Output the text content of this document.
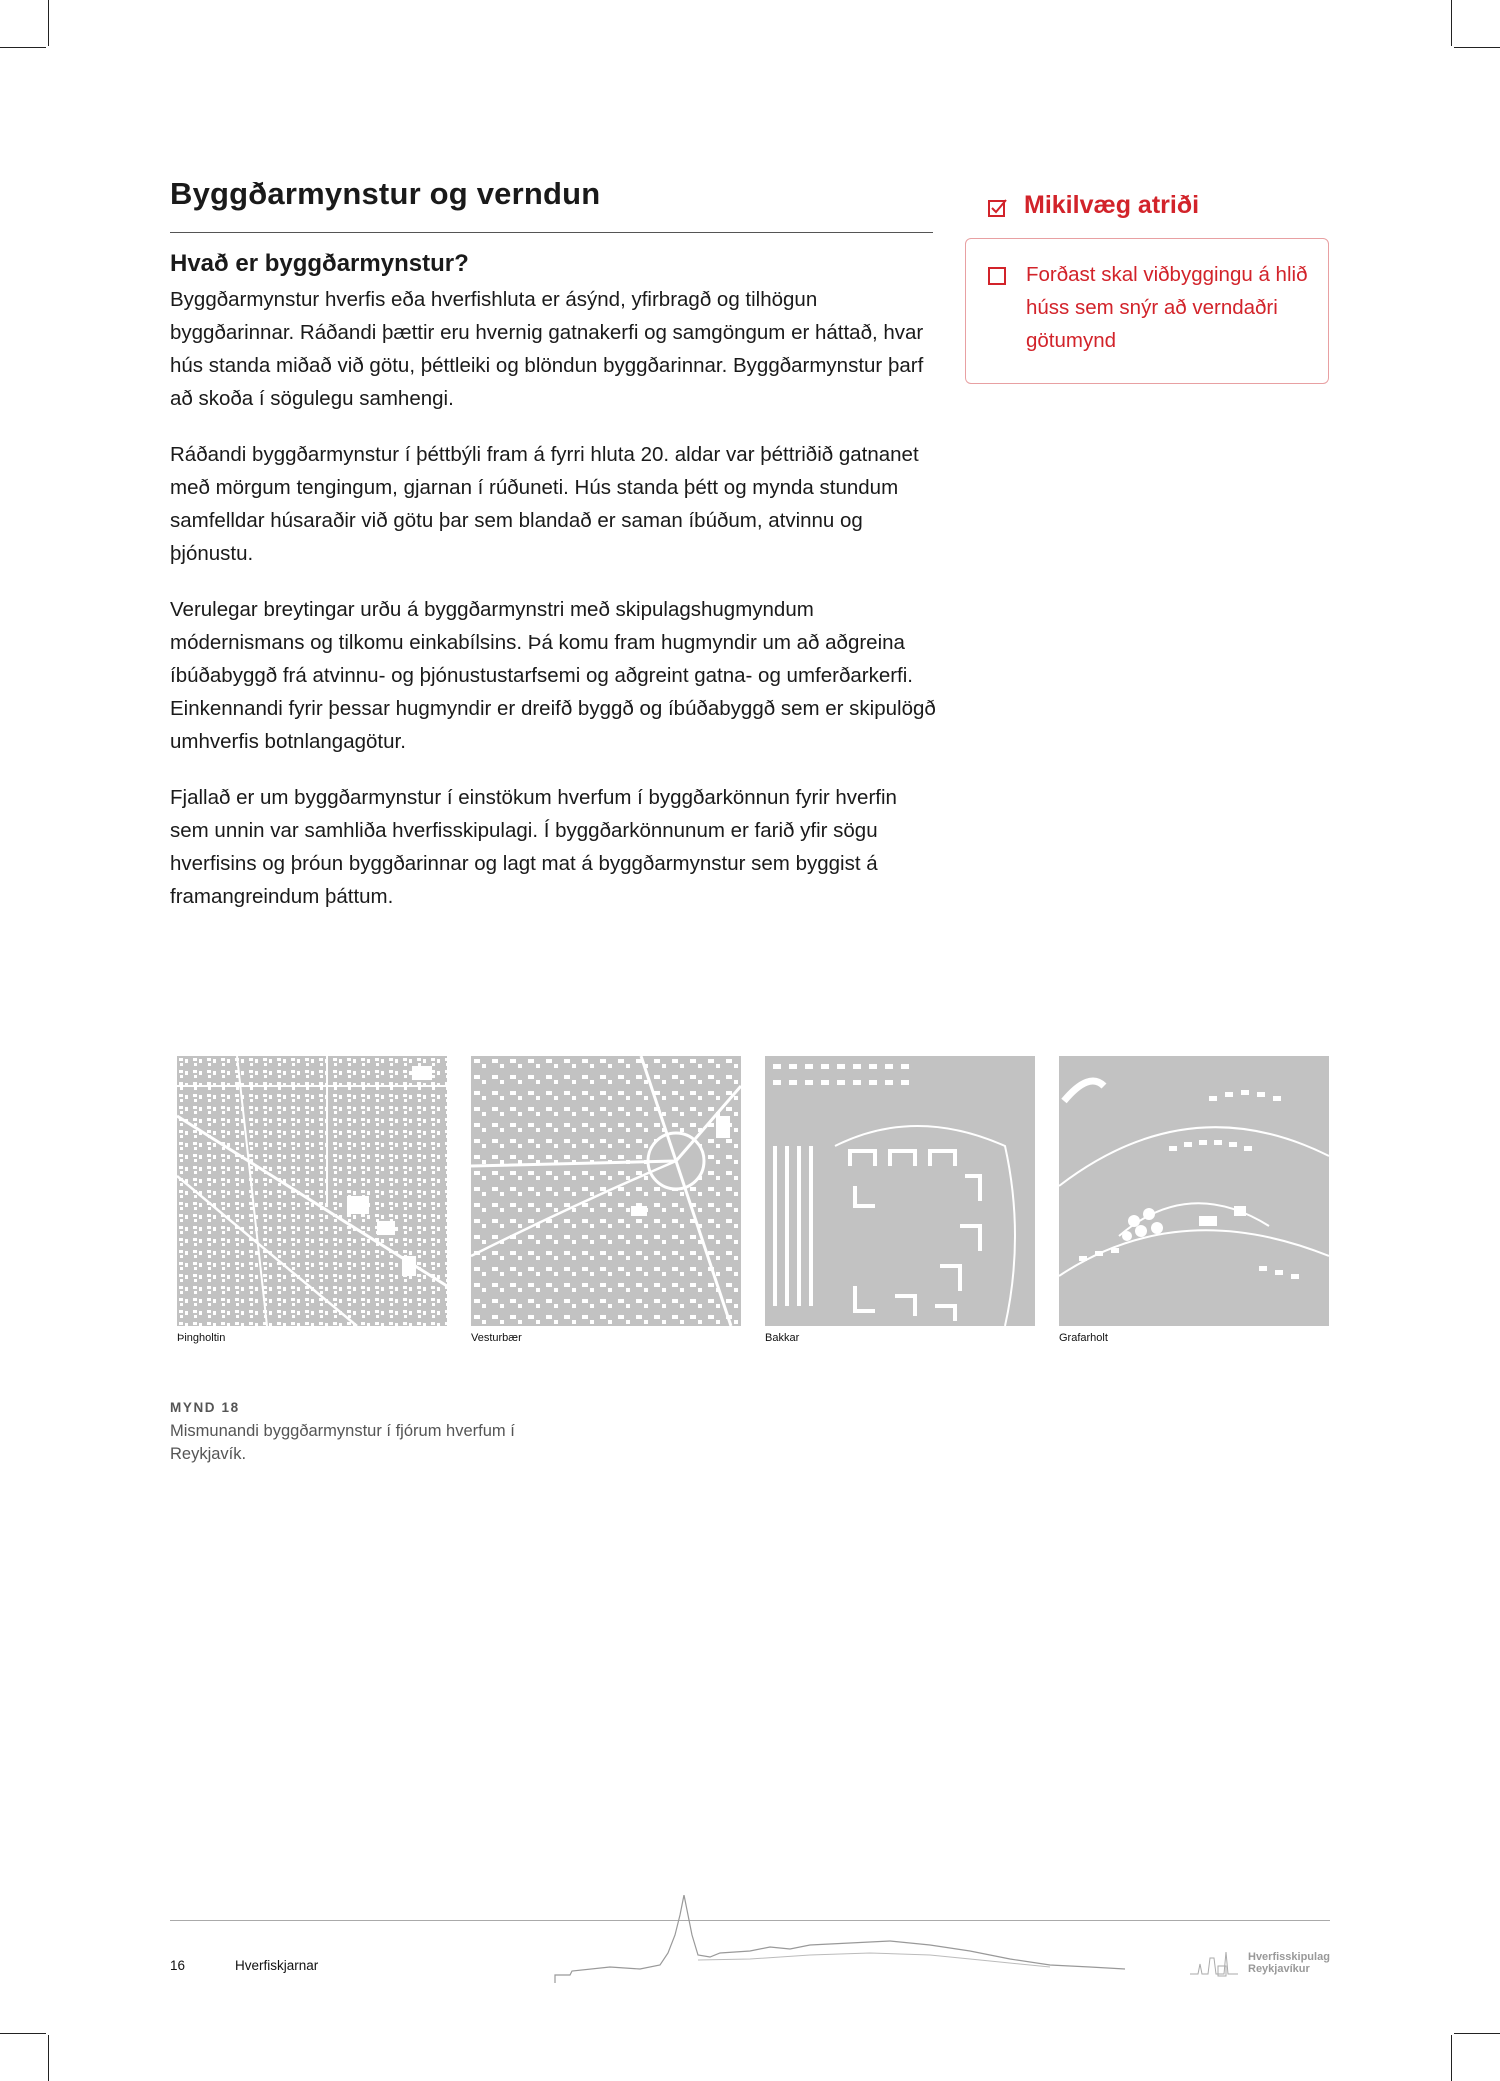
Byggðarmynstur og verndun
Hvað er byggðarmynstur?

Byggðarmynstur hverfis eða hverfishluta er ásýnd, yfirbragð og tilhögun byggðarinnar. Ráðandi þættir eru hvernig gatnakerfi og samgöngum er háttað, hvar hús standa miðað við götu, þéttleiki og blöndun byggðarinnar. Byggðarmynstur þarf að skoða í sögulegu samhengi.

Ráðandi byggðarmynstur í þéttbýli fram á fyrri hluta 20. aldar var þéttriðið gatnanet með mörgum tengingum, gjarnan í rúðuneti. Hús standa þétt og mynda stundum samfelldar húsaraðir við götu þar sem blandað er saman íbúðum, atvinnu og þjónustu.

Verulegar breytingar urðu á byggðarmynstri með skipulagshugmyndum módernismans og tilkomu einkabílsins. Þá komu fram hugmyndir um að aðgreina íbúðabyggð frá atvinnu- og þjónustustarfsemi og aðgreint gatna- og umferðarkerfi. Einkennandi fyrir þessar hugmyndir er dreifð byggð og íbúðabyggð sem er skipulögð umhverfis botnlangagötur.

Fjallað er um byggðarmynstur í einstökum hverfum í byggðarkönnun fyrir hverfin sem unnin var samhliða hverfisskipulagi. Í byggðarkönnunum er farið yfir sögu hverfisins og þróun byggðarinnar og lagt mat á byggðarmynstur sem byggist á framangreindum þáttum.

Mikilvæg atriði
Forðast skal viðbyggingu á hlið húss sem snýr að verndaðri götumynd
Þingholtin	Vesturbær	Bakkar	Grafarholt
MYND 18
Mismunandi byggðarmynstur í fjórum hverfum í Reykjavík.
16	Hverfiskjarnar
Hverfisskipulag
Reykjavíkur
